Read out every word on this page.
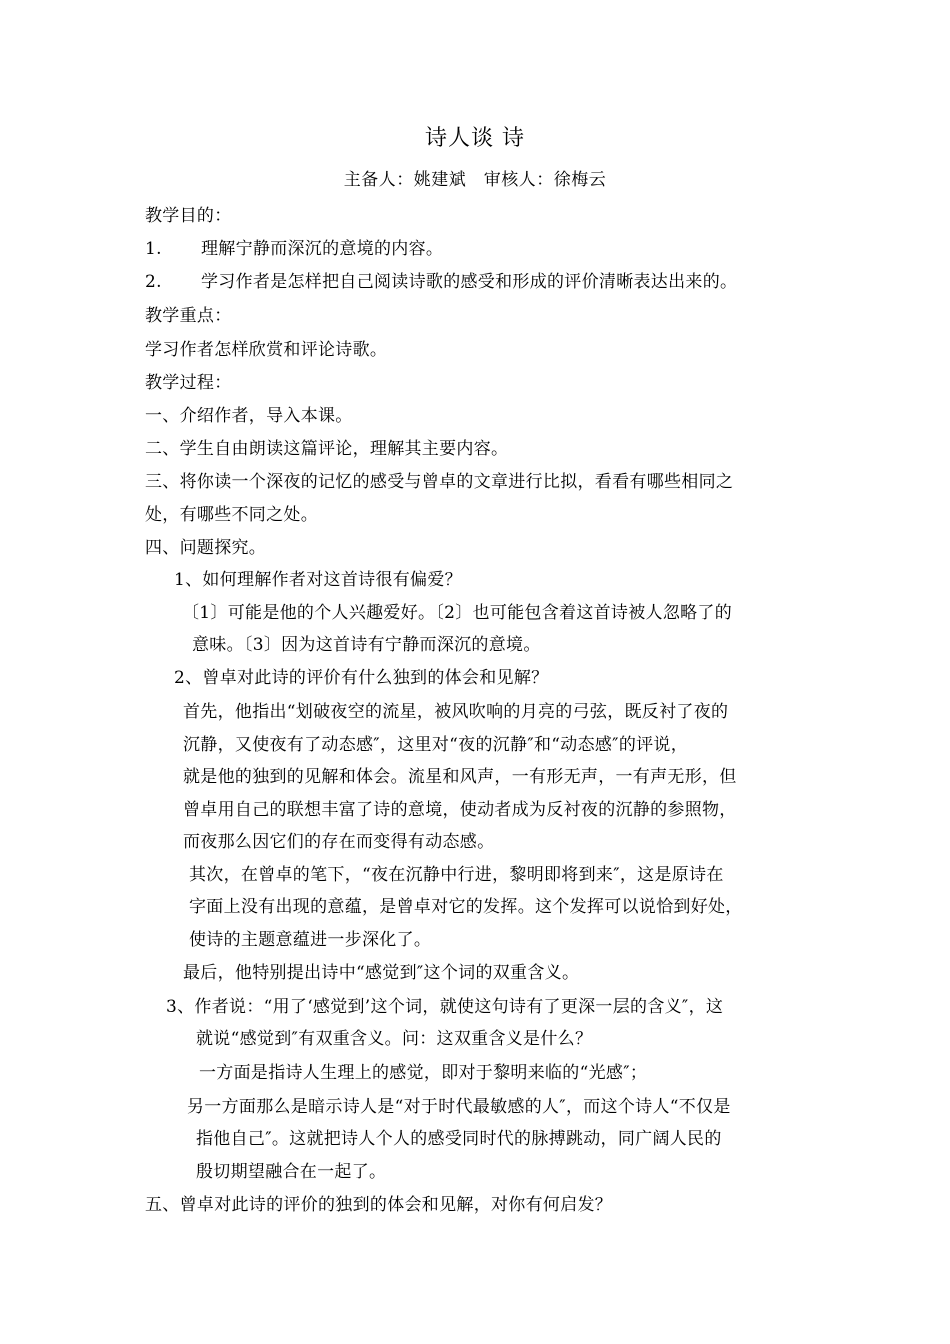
诗人谈 诗
主备人：姚建斌　审核人：徐梅云
教学目的：
1. 理解宁静而深沉的意境的内容。
2. 学习作者是怎样把自己阅读诗歌的感受和形成的评价清晰表达出来的。
教学重点：
学习作者怎样欣赏和评论诗歌。
教学过程：
一、介绍作者，导入本课。
二、学生自由朗读这篇评论，理解其主要内容。
三、将你读一个深夜的记忆的感受与曾卓的文章进行比拟，看看有哪些相同之
处，有哪些不同之处。
四、问题探究。
1、如何理解作者对这首诗很有偏爱？
〔1〕可能是他的个人兴趣爱好。〔2〕也可能包含着这首诗被人忽略了的
意味。〔3〕因为这首诗有宁静而深沉的意境。
2、曾卓对此诗的评价有什么独到的体会和见解？
首先，他指出“划破夜空的流星，被风吹响的月亮的弓弦，既反衬了夜的
沉静，又使夜有了动态感″，这里对“夜的沉静″和“动态感″的评说，
就是他的独到的见解和体会。流星和风声，一有形无声，一有声无形，但
曾卓用自己的联想丰富了诗的意境，使动者成为反衬夜的沉静的参照物，
而夜那么因它们的存在而变得有动态感。
其次，在曾卓的笔下，“夜在沉静中行进，黎明即将到来″，这是原诗在
字面上没有出现的意蕴，是曾卓对它的发挥。这个发挥可以说恰到好处，
使诗的主题意蕴进一步深化了。
最后，他特别提出诗中“感觉到″这个词的双重含义。
3、作者说：“用了‘感觉到’这个词，就使这句诗有了更深一层的含义″，这
就说“感觉到″有双重含义。问：这双重含义是什么？
一方面是指诗人生理上的感觉，即对于黎明来临的“光感″；
另一方面那么是暗示诗人是“对于时代最敏感的人″，而这个诗人“不仅是
指他自己″。这就把诗人个人的感受同时代的脉搏跳动，同广阔人民的
殷切期望融合在一起了。
五、曾卓对此诗的评价的独到的体会和见解，对你有何启发？
